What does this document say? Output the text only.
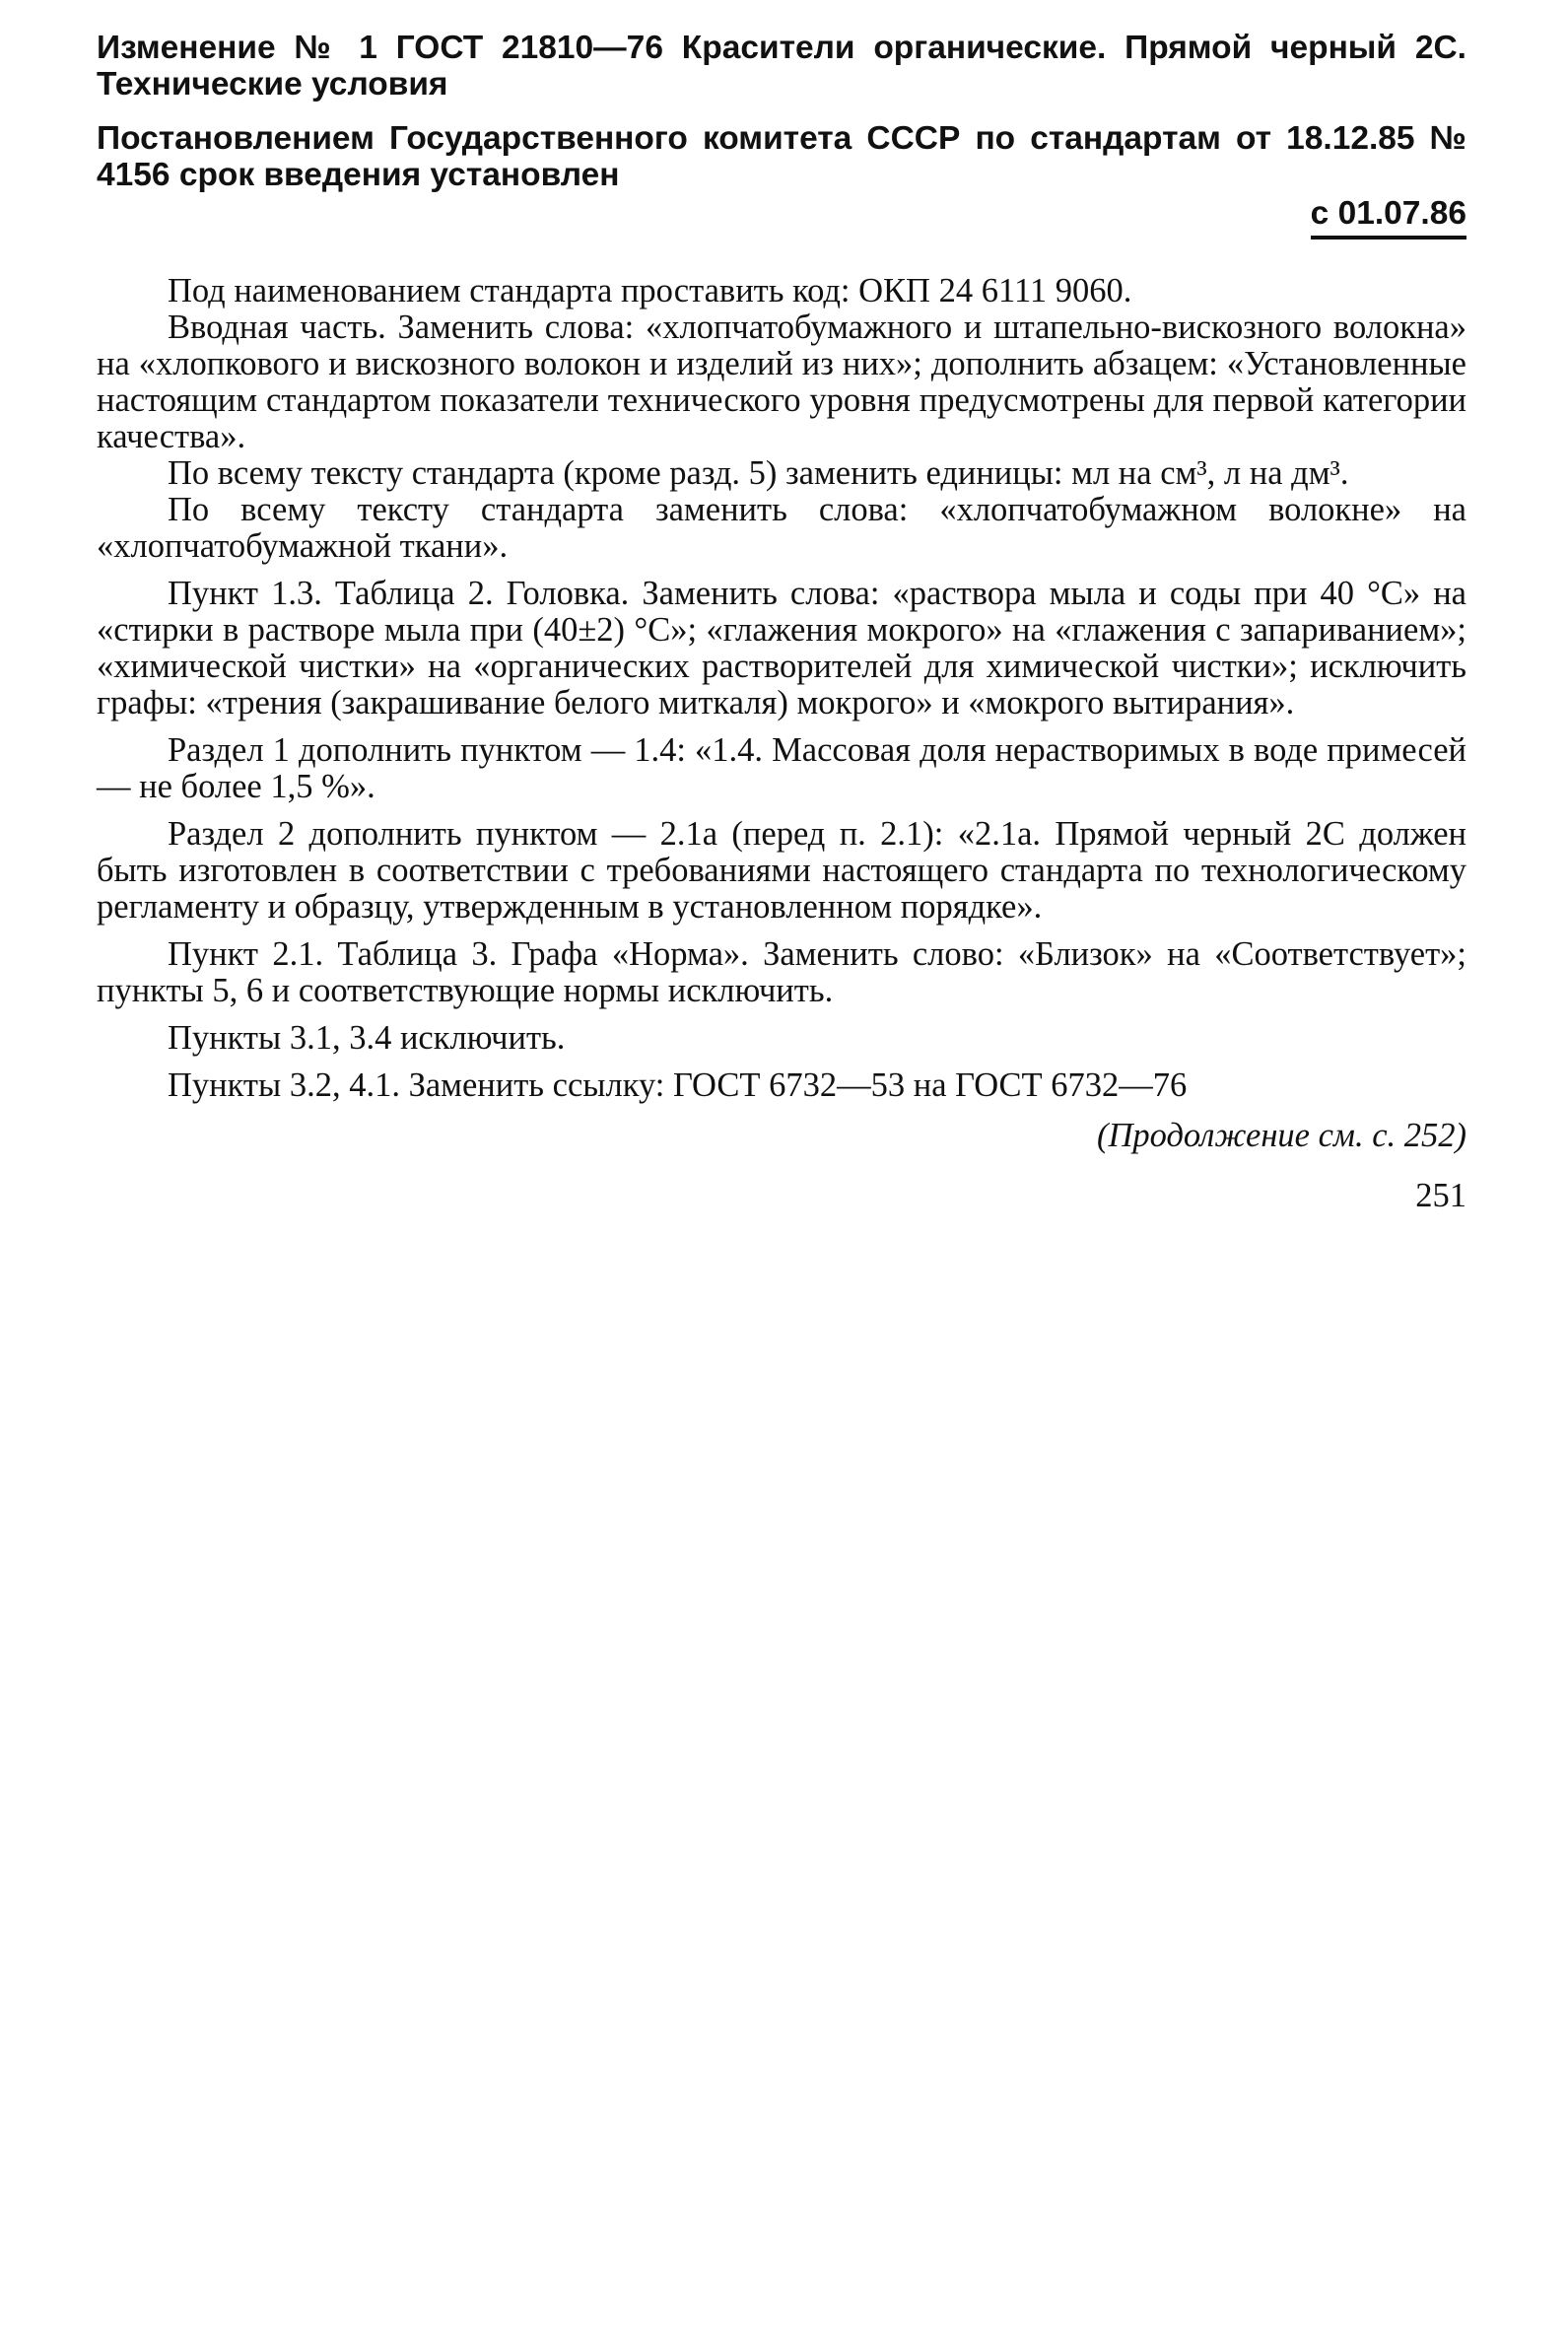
Изменение № 1 ГОСТ 21810—76 Красители органические. Прямой черный 2С. Технические условия

Постановлением Государственного комитета СССР по стандартам от 18.12.85 № 4156 срок введения установлен

с 01.07.86

Под наименованием стандарта проставить код: ОКП 24 6111 9060.

Вводная часть. Заменить слова: «хлопчатобумажного и штапельно-вискозного волокна» на «хлопкового и вискозного волокон и изделий из них»; дополнить абзацем: «Установленные настоящим стандартом показатели технического уровня предусмотрены для первой категории качества».

По всему тексту стандарта (кроме разд. 5) заменить единицы: мл на см³, л на дм³.

По всему тексту стандарта заменить слова: «хлопчатобумажном волокне» на «хлопчатобумажной ткани».

Пункт 1.3. Таблица 2. Головка. Заменить слова: «раствора мыла и соды при 40 °С» на «стирки в растворе мыла при (40±2) °С»; «глажения мокрого» на «глажения с запариванием»; «химической чистки» на «органических растворителей для химической чистки»; исключить графы: «трения (закрашивание белого миткаля) мокрого» и «мокрого вытирания».

Раздел 1 дополнить пунктом — 1.4: «1.4. Массовая доля нерастворимых в воде примесей — не более 1,5 %».

Раздел 2 дополнить пунктом — 2.1а (перед п. 2.1): «2.1а. Прямой черный 2С должен быть изготовлен в соответствии с требованиями настоящего стандарта по технологическому регламенту и образцу, утвержденным в установленном порядке».

Пункт 2.1. Таблица 3. Графа «Норма». Заменить слово: «Близок» на «Соответствует»; пункты 5, 6 и соответствующие нормы исключить.

Пункты 3.1, 3.4 исключить.

Пункты 3.2, 4.1. Заменить ссылку: ГОСТ 6732—53 на ГОСТ 6732—76

(Продолжение см. с. 252)
251
